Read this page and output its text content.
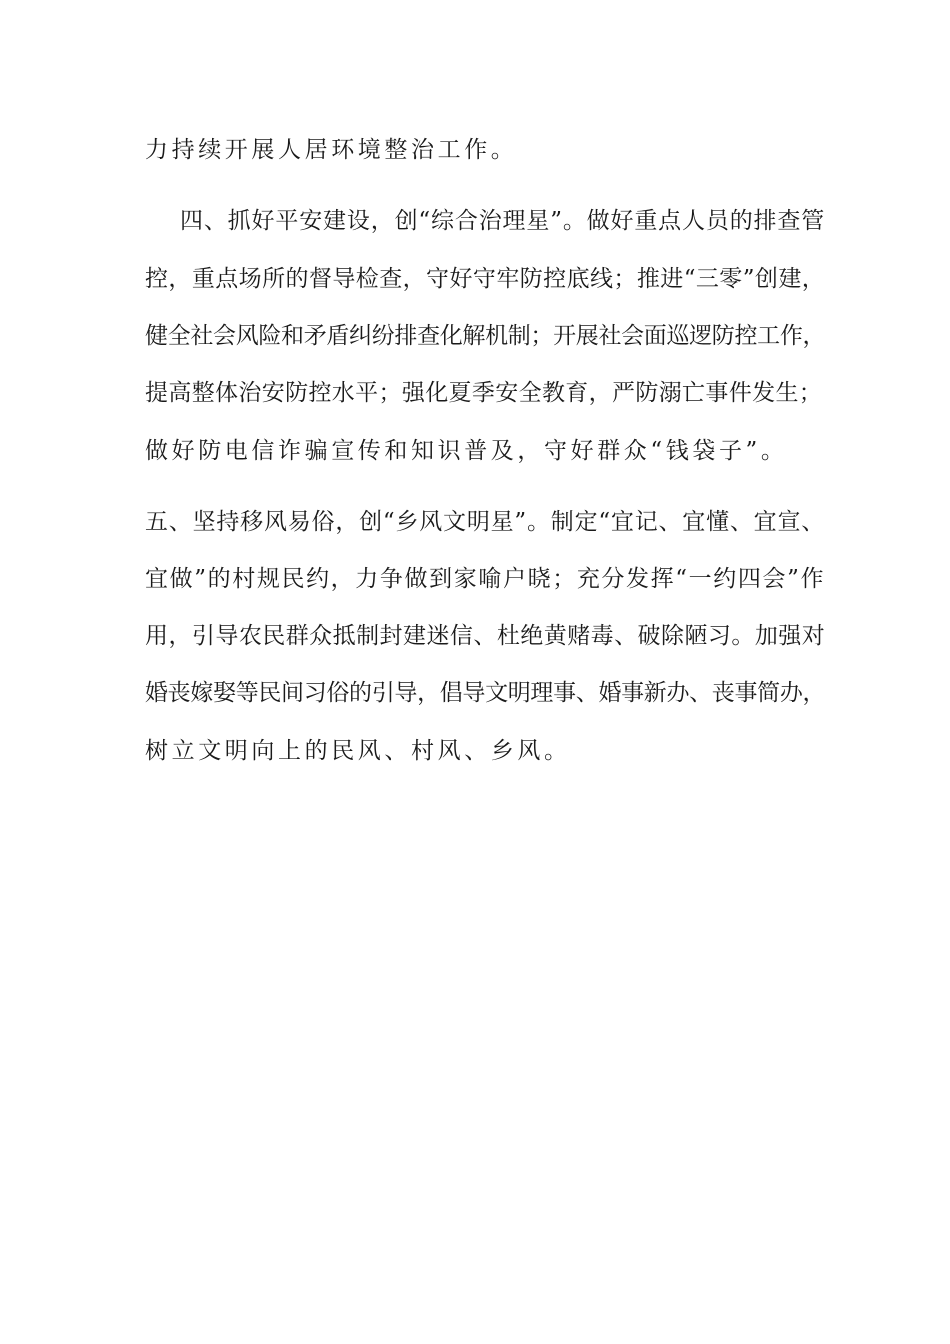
力持续开展人居环境整治工作。
四、抓好平安建设，创“综合治理星”。做好重点人员的排查管
控，重点场所的督导检查，守好守牢防控底线；推进“三零”创建，
健全社会风险和矛盾纠纷排查化解机制；开展社会面巡逻防控工作，
提高整体治安防控水平；强化夏季安全教育，严防溺亡事件发生；
做好防电信诈骗宣传和知识普及，守好群众“钱袋子”。
五、坚持移风易俗，创“乡风文明星”。制定“宜记、宜懂、宜宣、
宜做”的村规民约，力争做到家喻户晓；充分发挥“一约四会”作
用，引导农民群众抵制封建迷信、杜绝黄赌毒、破除陋习。加强对
婚丧嫁娶等民间习俗的引导，倡导文明理事、婚事新办、丧事简办，
树立文明向上的民风、村风、乡风。
